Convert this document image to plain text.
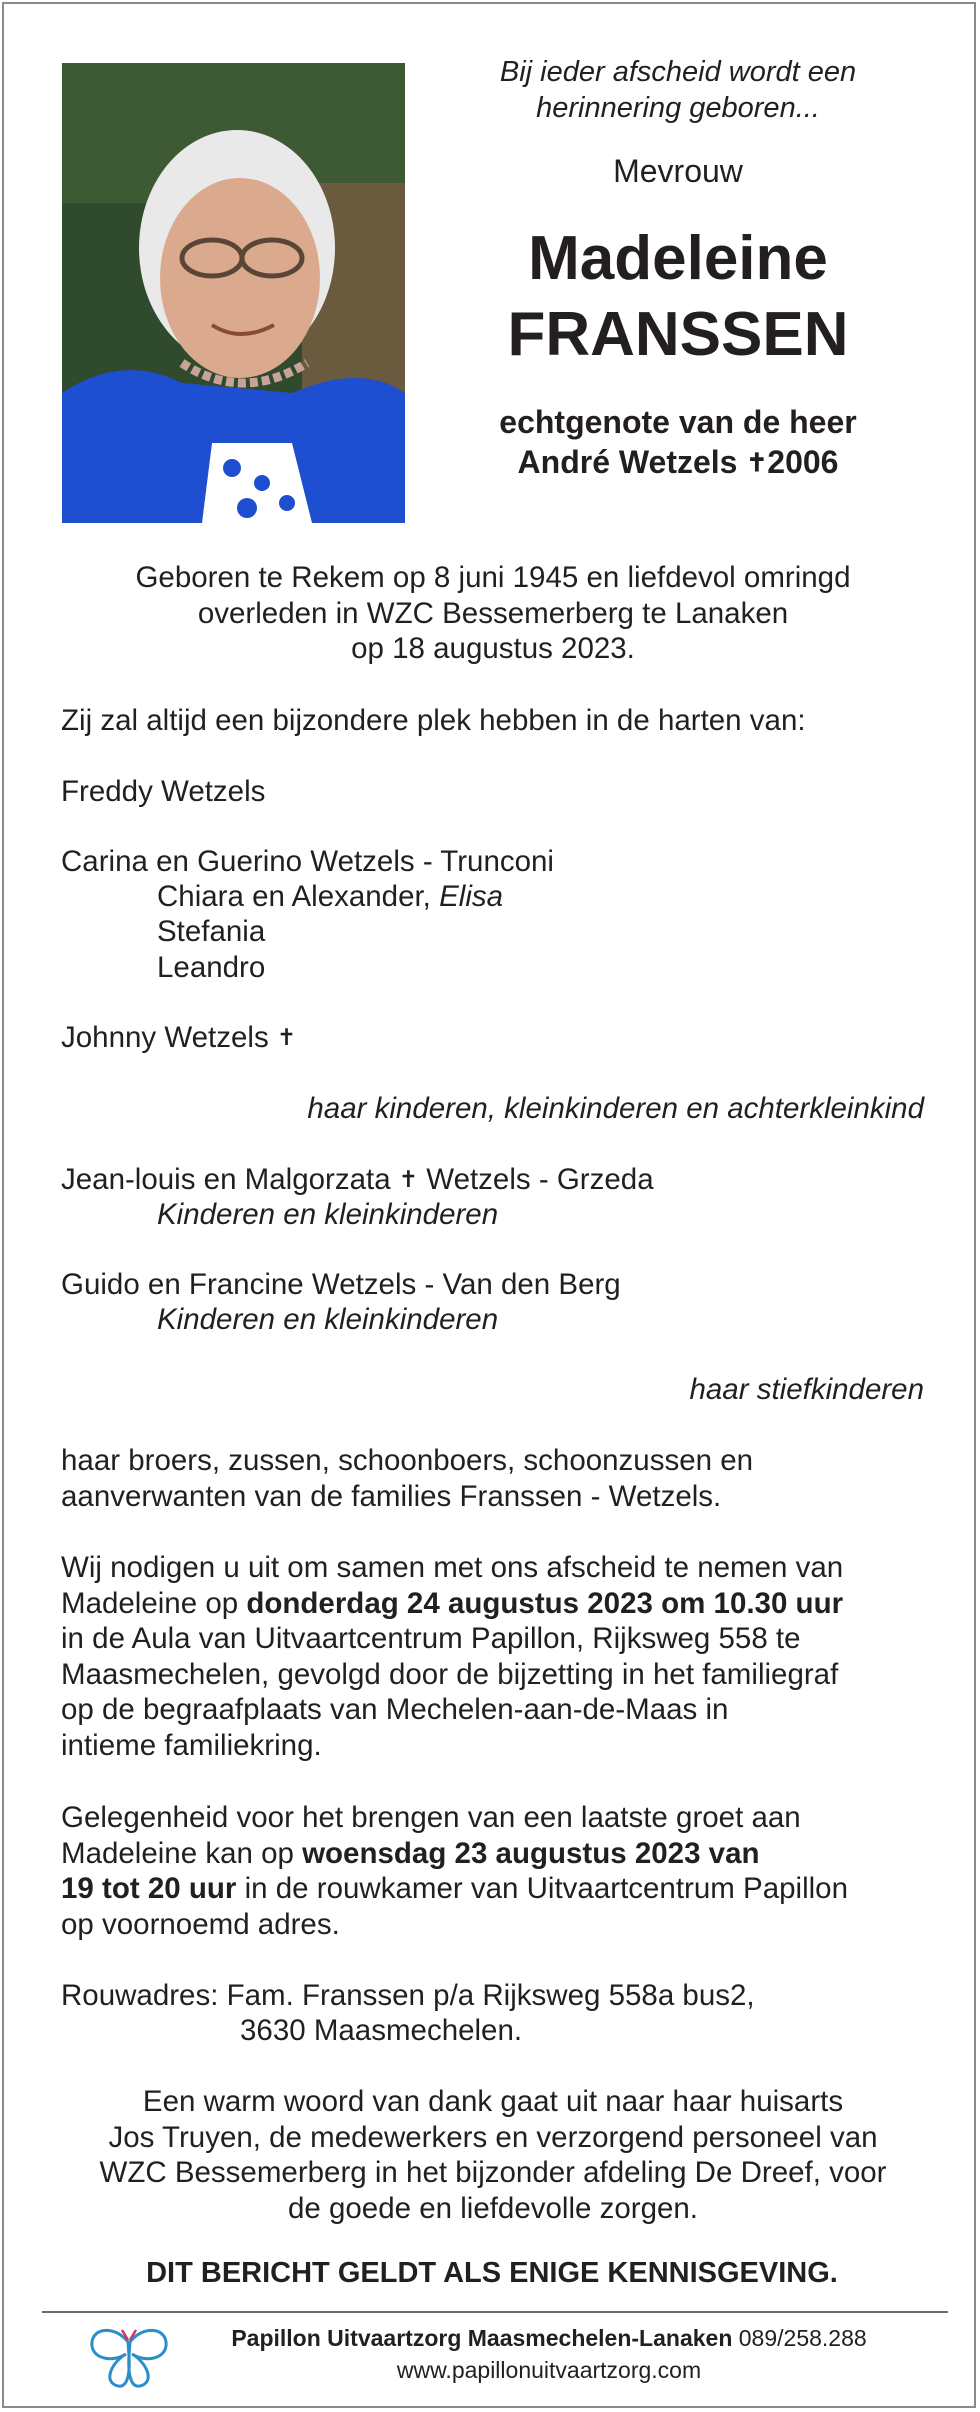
Bij ieder afscheid wordt een
herinnering geboren...
Mevrouw
Madeleine
FRANSSEN
echtgenote van de heer
André Wetzels ✝2006
Geboren te Rekem op 8 juni 1945 en liefdevol omringd
overleden in WZC Bessemerberg te Lanaken
op 18 augustus 2023.
Zij zal altijd een bijzondere plek hebben in de harten van:
Freddy Wetzels
Carina en Guerino Wetzels - Trunconi
Chiara en Alexander, Elisa
Stefania
Leandro
Johnny Wetzels ✝
haar kinderen, kleinkinderen en achterkleinkind
Jean-louis en Malgorzata ✝ Wetzels - Grzeda
Kinderen en kleinkinderen
Guido en Francine Wetzels - Van den Berg
Kinderen en kleinkinderen
haar stiefkinderen
haar broers, zussen, schoonboers, schoonzussen en
aanverwanten van de families Franssen - Wetzels.
Wij nodigen u uit om samen met ons afscheid te nemen van
Madeleine op donderdag 24 augustus 2023 om 10.30 uur
in de Aula van Uitvaartcentrum Papillon, Rijksweg 558 te
Maasmechelen, gevolgd door de bijzetting in het familiegraf
op de begraafplaats van Mechelen-aan-de-Maas in
intieme familiekring.
Gelegenheid voor het brengen van een laatste groet aan
Madeleine kan op woensdag 23 augustus 2023 van
19 tot 20 uur in de rouwkamer van Uitvaartcentrum Papillon
op voornoemd adres.
Rouwadres: Fam. Franssen p/a Rijksweg 558a bus2,
3630 Maasmechelen.
Een warm woord van dank gaat uit naar haar huisarts
Jos Truyen, de medewerkers en verzorgend personeel van
WZC Bessemerberg in het bijzonder afdeling De Dreef, voor
de goede en liefdevolle zorgen.
DIT BERICHT GELDT ALS ENIGE KENNISGEVING.
Papillon Uitvaartzorg Maasmechelen-Lanaken 089/258.288
www.papillonuitvaartzorg.com
